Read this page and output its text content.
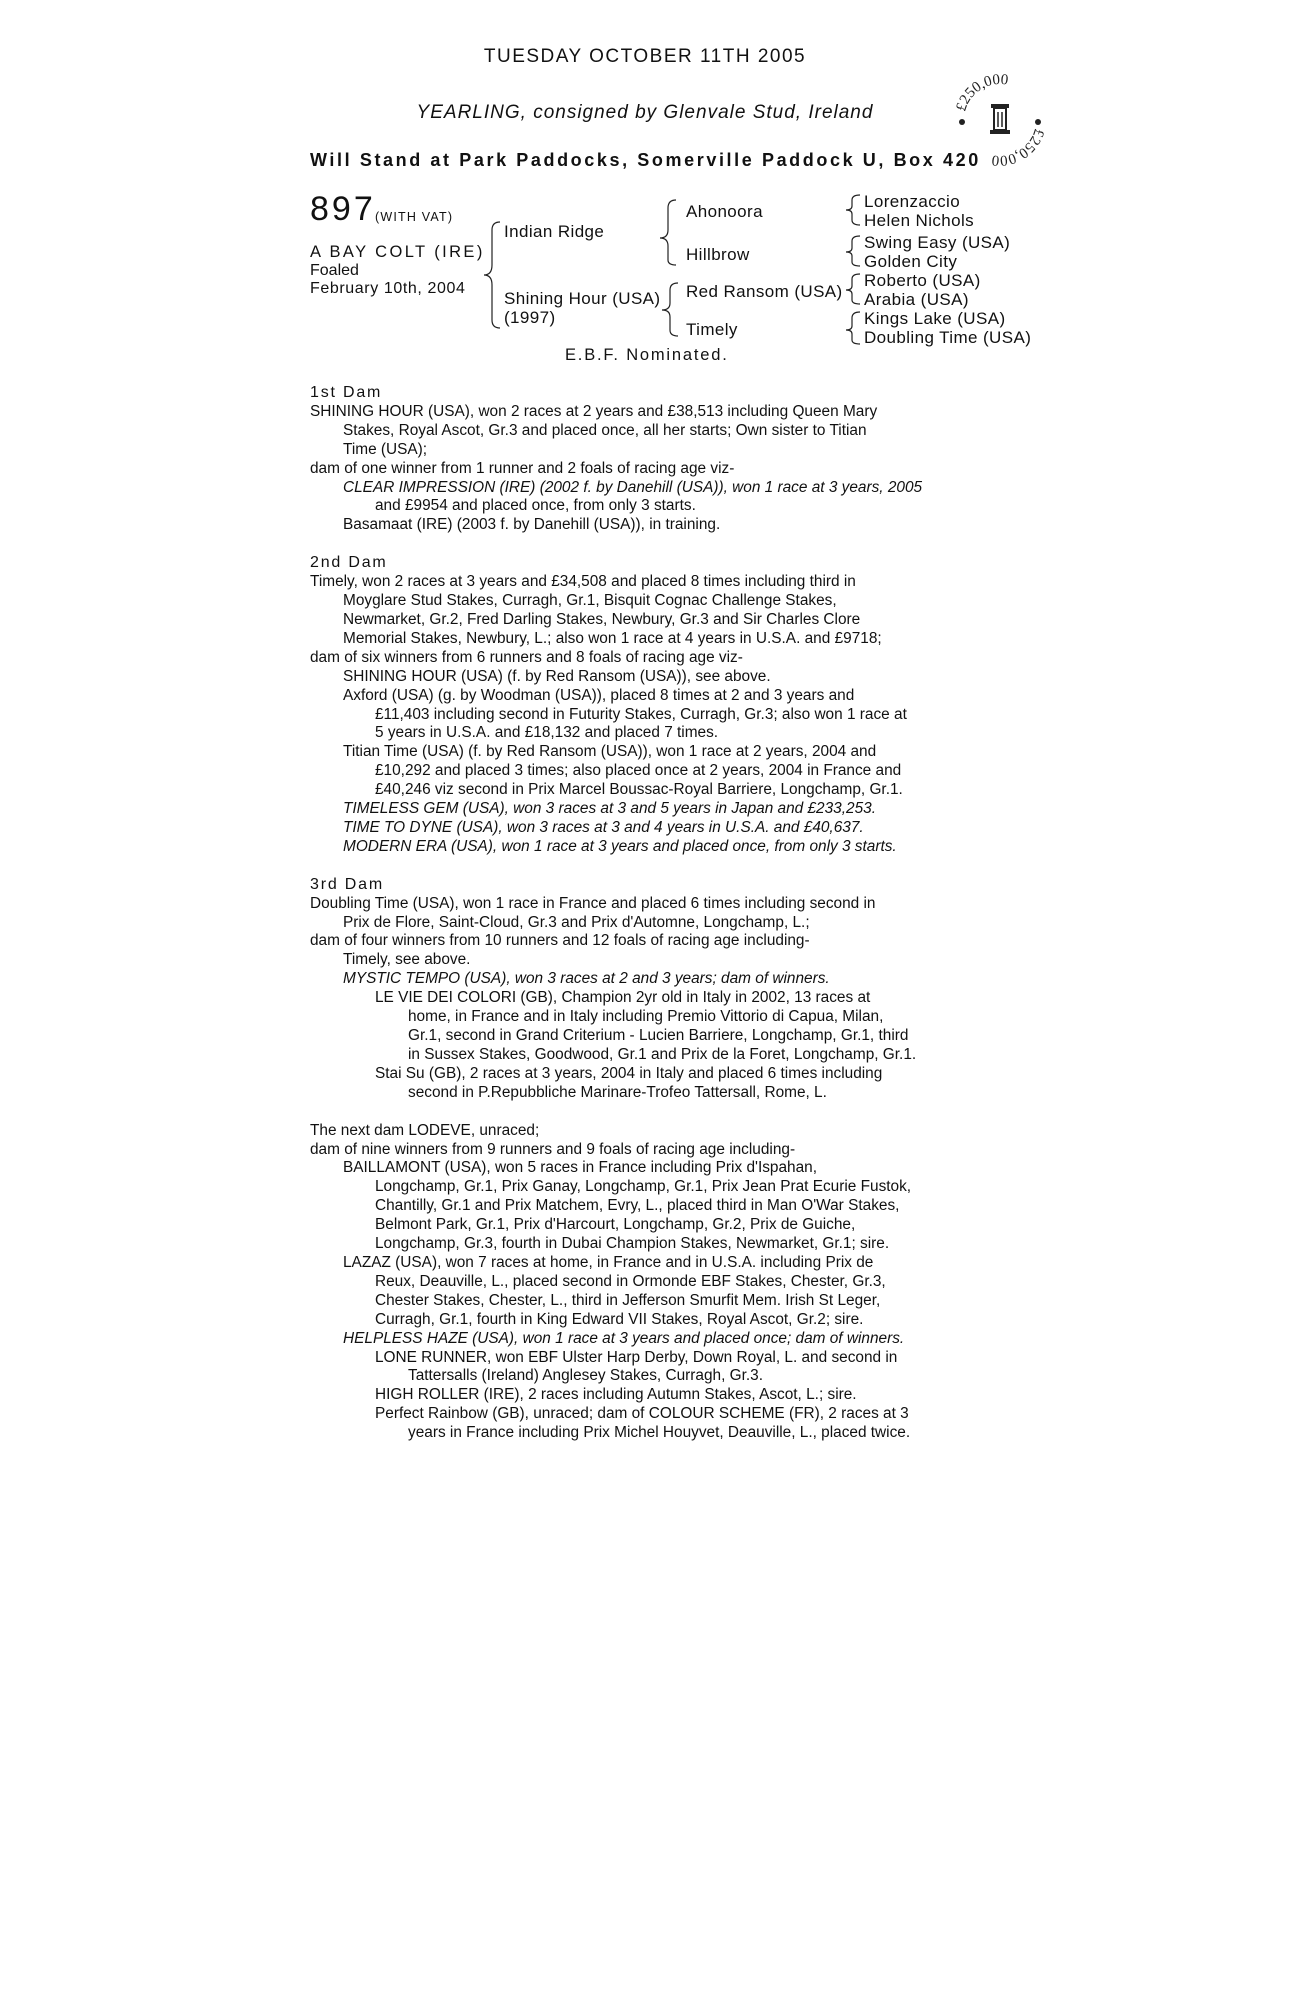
TUESDAY OCTOBER 11TH 2005
YEARLING, consigned by Glenvale Stud, Ireland
Will Stand at Park Paddocks, Somerville Paddock U, Box 420
£250,000
£250,000
897 (WITH VAT)
A BAY COLT (IRE)
Foaled
February 10th, 2004
Indian Ridge
Shining Hour (USA)
(1997)
Ahonoora
Hillbrow
Red Ransom (USA)
Timely
Lorenzaccio
Helen Nichols
Swing Easy (USA)
Golden City
Roberto (USA)
Arabia (USA)
Kings Lake (USA)
Doubling Time (USA)
E.B.F. Nominated.
1st Dam
SHINING HOUR (USA), won 2 races at 2 years and £38,513 including Queen Mary
Stakes, Royal Ascot, Gr.3 and placed once, all her starts; Own sister to Titian
Time (USA);
dam of one winner from 1 runner and 2 foals of racing age viz-
CLEAR IMPRESSION (IRE) (2002 f. by Danehill (USA)), won 1 race at 3 years, 2005
and £9954 and placed once, from only 3 starts.
Basamaat (IRE) (2003 f. by Danehill (USA)), in training.
2nd Dam
Timely, won 2 races at 3 years and £34,508 and placed 8 times including third in
Moyglare Stud Stakes, Curragh, Gr.1, Bisquit Cognac Challenge Stakes,
Newmarket, Gr.2, Fred Darling Stakes, Newbury, Gr.3 and Sir Charles Clore
Memorial Stakes, Newbury, L.; also won 1 race at 4 years in U.S.A. and £9718;
dam of six winners from 6 runners and 8 foals of racing age viz-
SHINING HOUR (USA) (f. by Red Ransom (USA)), see above.
Axford (USA) (g. by Woodman (USA)), placed 8 times at 2 and 3 years and
£11,403 including second in Futurity Stakes, Curragh, Gr.3; also won 1 race at
5 years in U.S.A. and £18,132 and placed 7 times.
Titian Time (USA) (f. by Red Ransom (USA)), won 1 race at 2 years, 2004 and
£10,292 and placed 3 times; also placed once at 2 years, 2004 in France and
£40,246 viz second in Prix Marcel Boussac-Royal Barriere, Longchamp, Gr.1.
TIMELESS GEM (USA), won 3 races at 3 and 5 years in Japan and £233,253.
TIME TO DYNE (USA), won 3 races at 3 and 4 years in U.S.A. and £40,637.
MODERN ERA (USA), won 1 race at 3 years and placed once, from only 3 starts.
3rd Dam
Doubling Time (USA), won 1 race in France and placed 6 times including second in
Prix de Flore, Saint-Cloud, Gr.3 and Prix d'Automne, Longchamp, L.;
dam of four winners from 10 runners and 12 foals of racing age including-
Timely, see above.
MYSTIC TEMPO (USA), won 3 races at 2 and 3 years; dam of winners.
LE VIE DEI COLORI (GB), Champion 2yr old in Italy in 2002, 13 races at
home, in France and in Italy including Premio Vittorio di Capua, Milan,
Gr.1, second in Grand Criterium - Lucien Barriere, Longchamp, Gr.1, third
in Sussex Stakes, Goodwood, Gr.1 and Prix de la Foret, Longchamp, Gr.1.
Stai Su (GB), 2 races at 3 years, 2004 in Italy and placed 6 times including
second in P.Repubbliche Marinare-Trofeo Tattersall, Rome, L.
The next dam LODEVE, unraced;
dam of nine winners from 9 runners and 9 foals of racing age including-
BAILLAMONT (USA), won 5 races in France including Prix d'Ispahan,
Longchamp, Gr.1, Prix Ganay, Longchamp, Gr.1, Prix Jean Prat Ecurie Fustok,
Chantilly, Gr.1 and Prix Matchem, Evry, L., placed third in Man O'War Stakes,
Belmont Park, Gr.1, Prix d'Harcourt, Longchamp, Gr.2, Prix de Guiche,
Longchamp, Gr.3, fourth in Dubai Champion Stakes, Newmarket, Gr.1; sire.
LAZAZ (USA), won 7 races at home, in France and in U.S.A. including Prix de
Reux, Deauville, L., placed second in Ormonde EBF Stakes, Chester, Gr.3,
Chester Stakes, Chester, L., third in Jefferson Smurfit Mem. Irish St Leger,
Curragh, Gr.1, fourth in King Edward VII Stakes, Royal Ascot, Gr.2; sire.
HELPLESS HAZE (USA), won 1 race at 3 years and placed once; dam of winners.
LONE RUNNER, won EBF Ulster Harp Derby, Down Royal, L. and second in
Tattersalls (Ireland) Anglesey Stakes, Curragh, Gr.3.
HIGH ROLLER (IRE), 2 races including Autumn Stakes, Ascot, L.; sire.
Perfect Rainbow (GB), unraced; dam of COLOUR SCHEME (FR), 2 races at 3
years in France including Prix Michel Houyvet, Deauville, L., placed twice.
